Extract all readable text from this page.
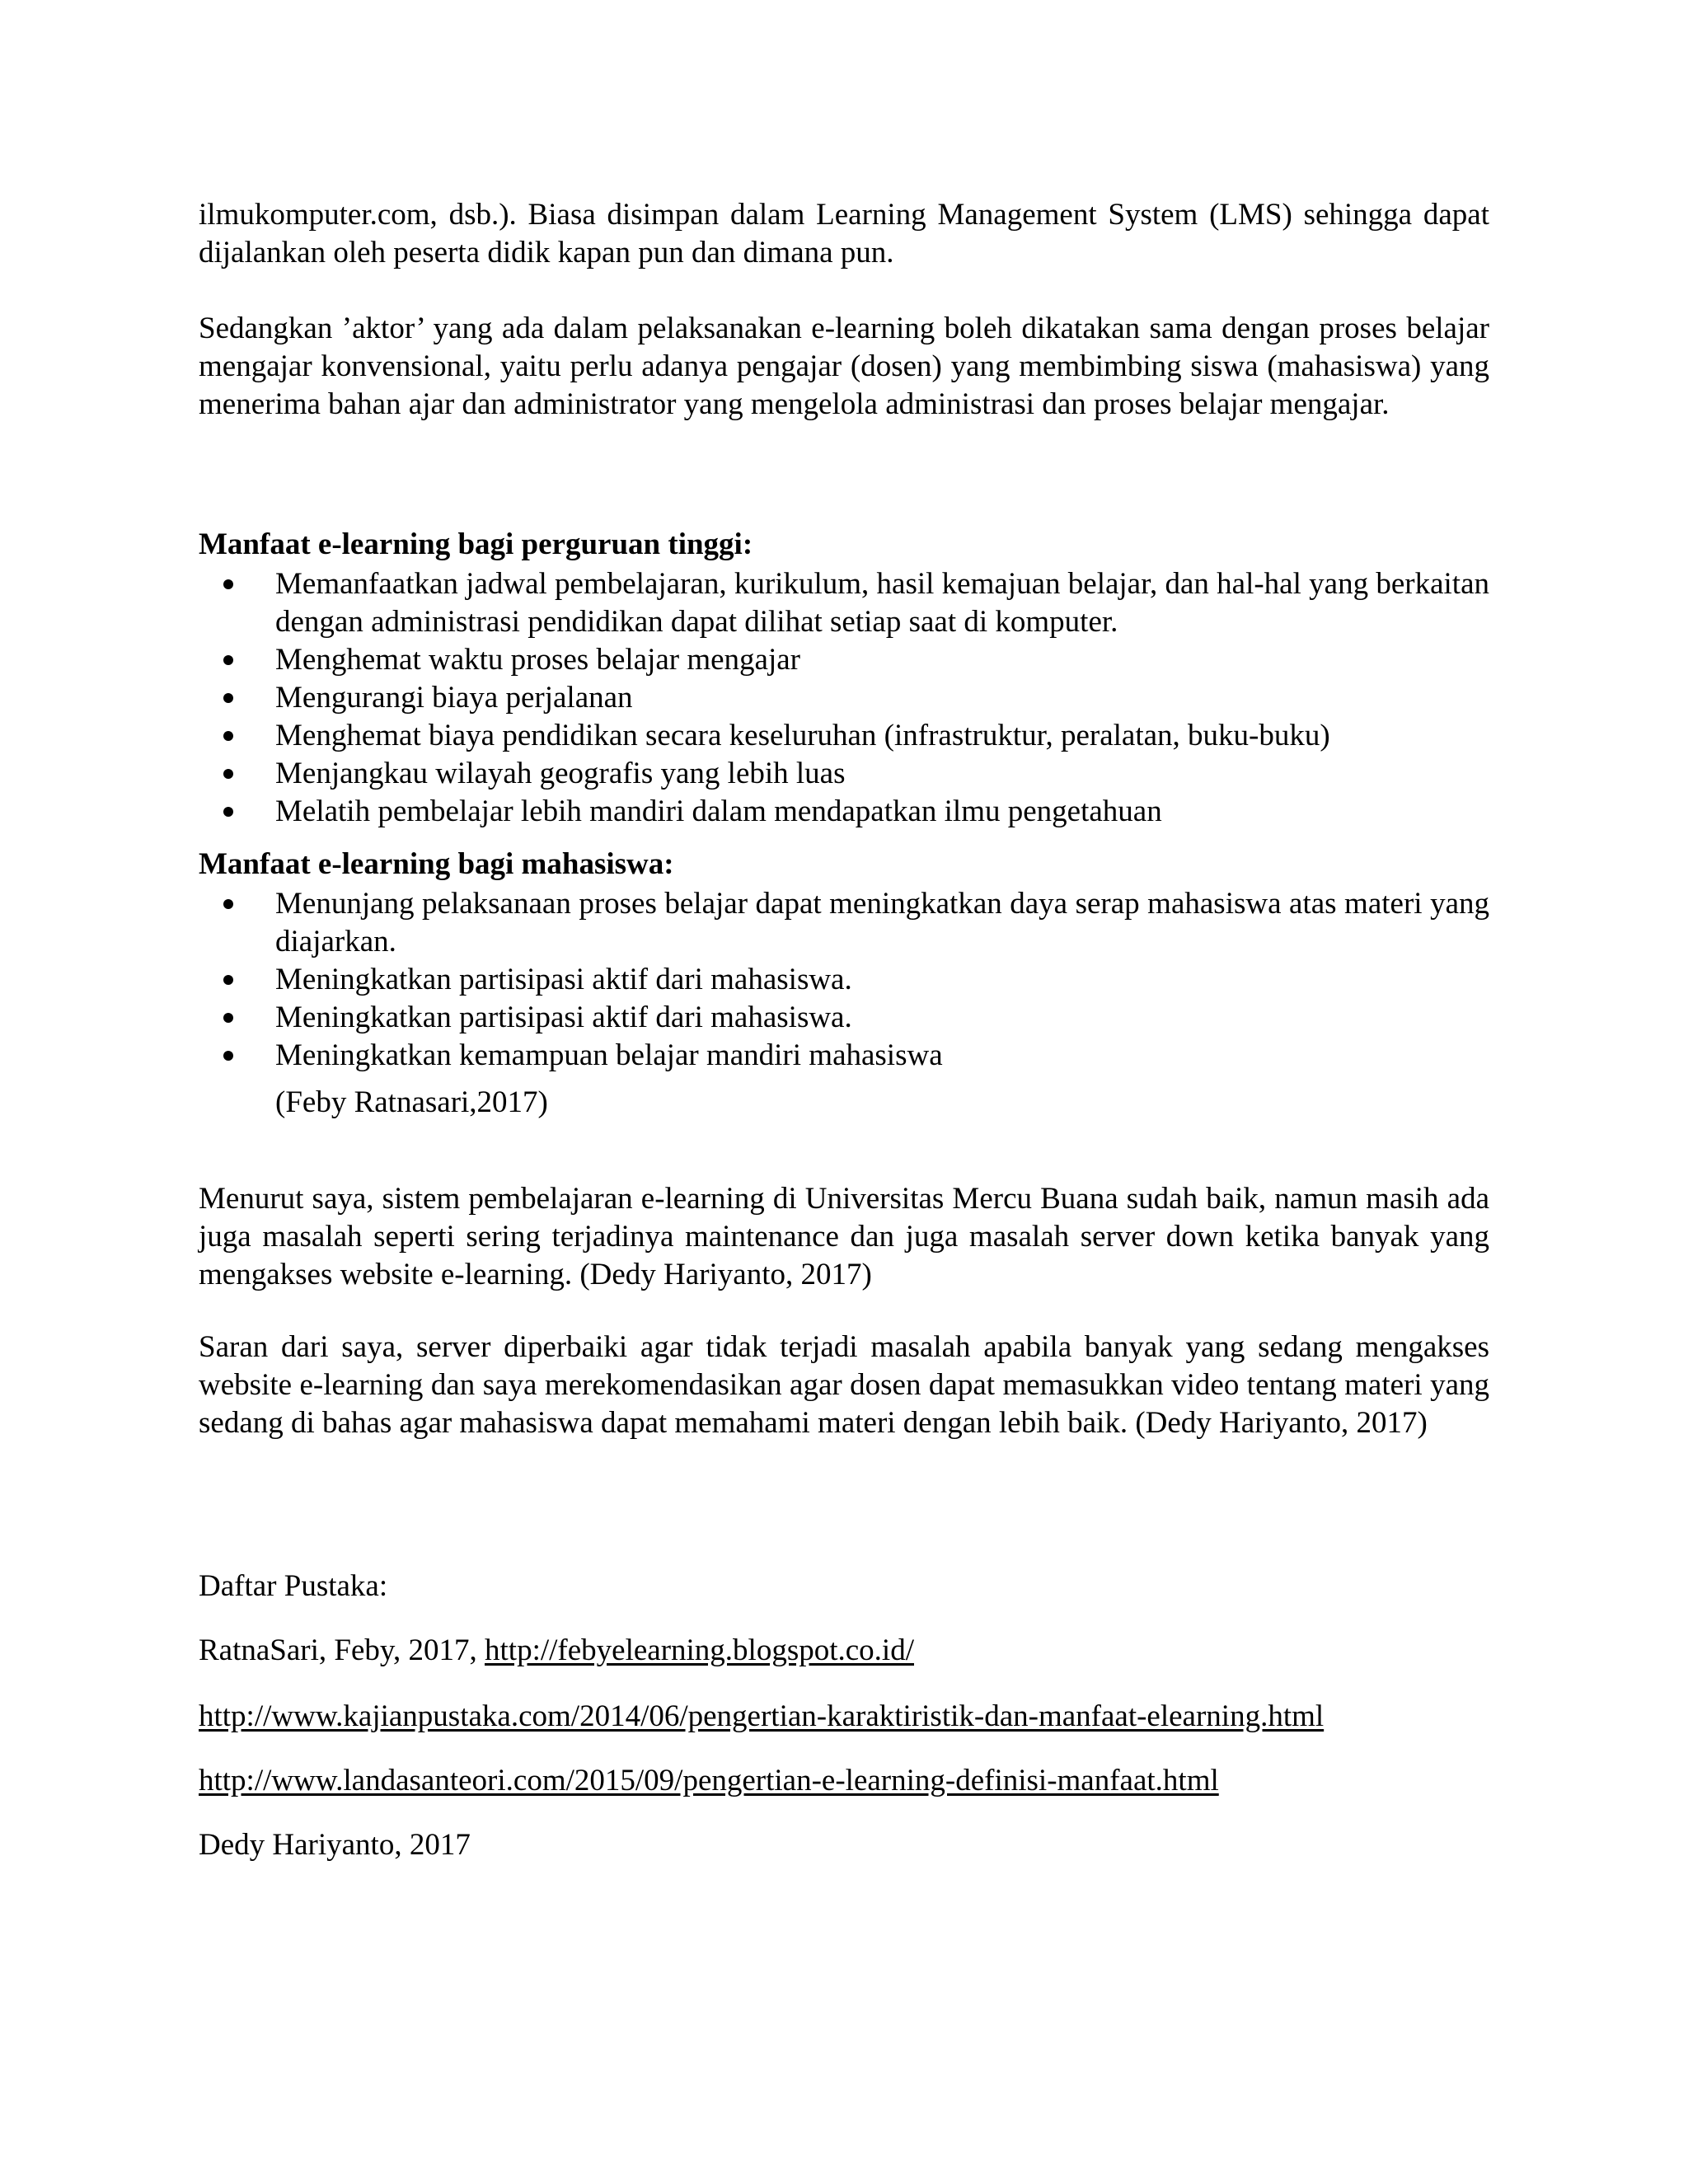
ilmukomputer.com, dsb.). Biasa disimpan dalam Learning Management System (LMS) sehingga dapat dijalankan oleh peserta didik kapan pun dan dimana pun.

Sedangkan ’aktor’ yang ada dalam pelaksanakan e-learning boleh dikatakan sama dengan proses belajar mengajar konvensional, yaitu perlu adanya pengajar (dosen) yang membimbing siswa (mahasiswa) yang menerima bahan ajar dan administrator yang mengelola administrasi dan proses belajar mengajar.

Manfaat e-learning bagi perguruan tinggi:

Memanfaatkan jadwal pembelajaran, kurikulum, hasil kemajuan belajar, dan hal-hal yang berkaitan dengan administrasi pendidikan dapat dilihat setiap saat di komputer.
Menghemat waktu proses belajar mengajar
Mengurangi biaya perjalanan
Menghemat biaya pendidikan secara keseluruhan (infrastruktur, peralatan, buku-buku)
Menjangkau wilayah geografis yang lebih luas
Melatih pembelajar lebih mandiri dalam mendapatkan ilmu pengetahuan

Manfaat e-learning bagi mahasiswa:

Menunjang pelaksanaan proses belajar dapat meningkatkan daya serap mahasiswa atas materi yang diajarkan.
Meningkatkan partisipasi aktif dari mahasiswa.
Meningkatkan partisipasi aktif dari mahasiswa.
Meningkatkan kemampuan belajar mandiri mahasiswa
(Feby Ratnasari,2017)

Menurut saya, sistem pembelajaran e-learning di Universitas Mercu Buana sudah baik, namun masih ada juga masalah seperti sering terjadinya maintenance dan juga masalah server down ketika banyak yang mengakses website e-learning. (Dedy Hariyanto, 2017)

Saran dari saya, server diperbaiki agar tidak terjadi masalah apabila banyak yang sedang mengakses website e-learning dan saya merekomendasikan agar dosen dapat memasukkan video tentang materi yang sedang di bahas agar mahasiswa dapat memahami materi dengan lebih baik. (Dedy Hariyanto, 2017)

Daftar Pustaka:

RatnaSari, Feby, 2017, http://febyelearning.blogspot.co.id/

http://www.kajianpustaka.com/2014/06/pengertian-karaktiristik-dan-manfaat-elearning.html

http://www.landasanteori.com/2015/09/pengertian-e-learning-definisi-manfaat.html

Dedy Hariyanto, 2017
